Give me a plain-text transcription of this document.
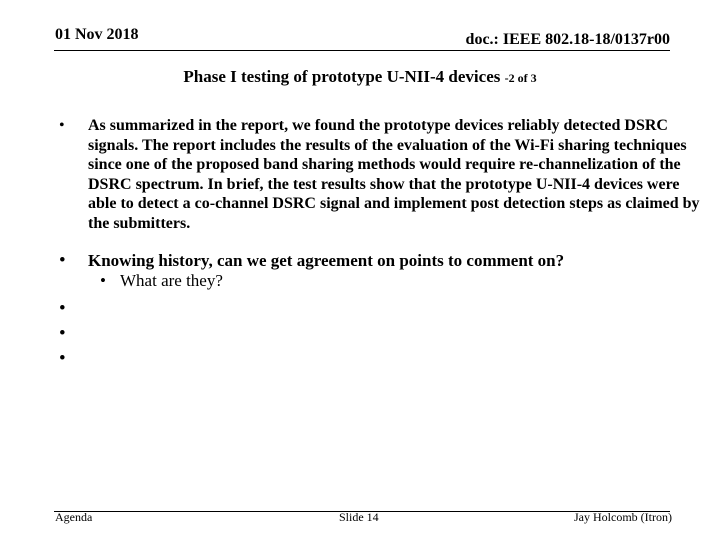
01 Nov 2018	doc.: IEEE 802.18-18/0137r00
Phase I testing of prototype U-NII-4 devices -2 of 3
•	As summarized in the report, we found the prototype devices reliably detected DSRC signals. The report includes the results of the evaluation of the Wi-Fi sharing techniques since one of the proposed band sharing methods would require re-channelization of the DSRC spectrum. In brief, the test results show that the prototype U-NII-4 devices were able to detect a co-channel DSRC signal and implement post detection steps as claimed by the submitters.
•	Knowing history, can we get agreement on points to comment on?
• What are they?
•
•
•
Agenda	Slide 14	Jay Holcomb (Itron)
